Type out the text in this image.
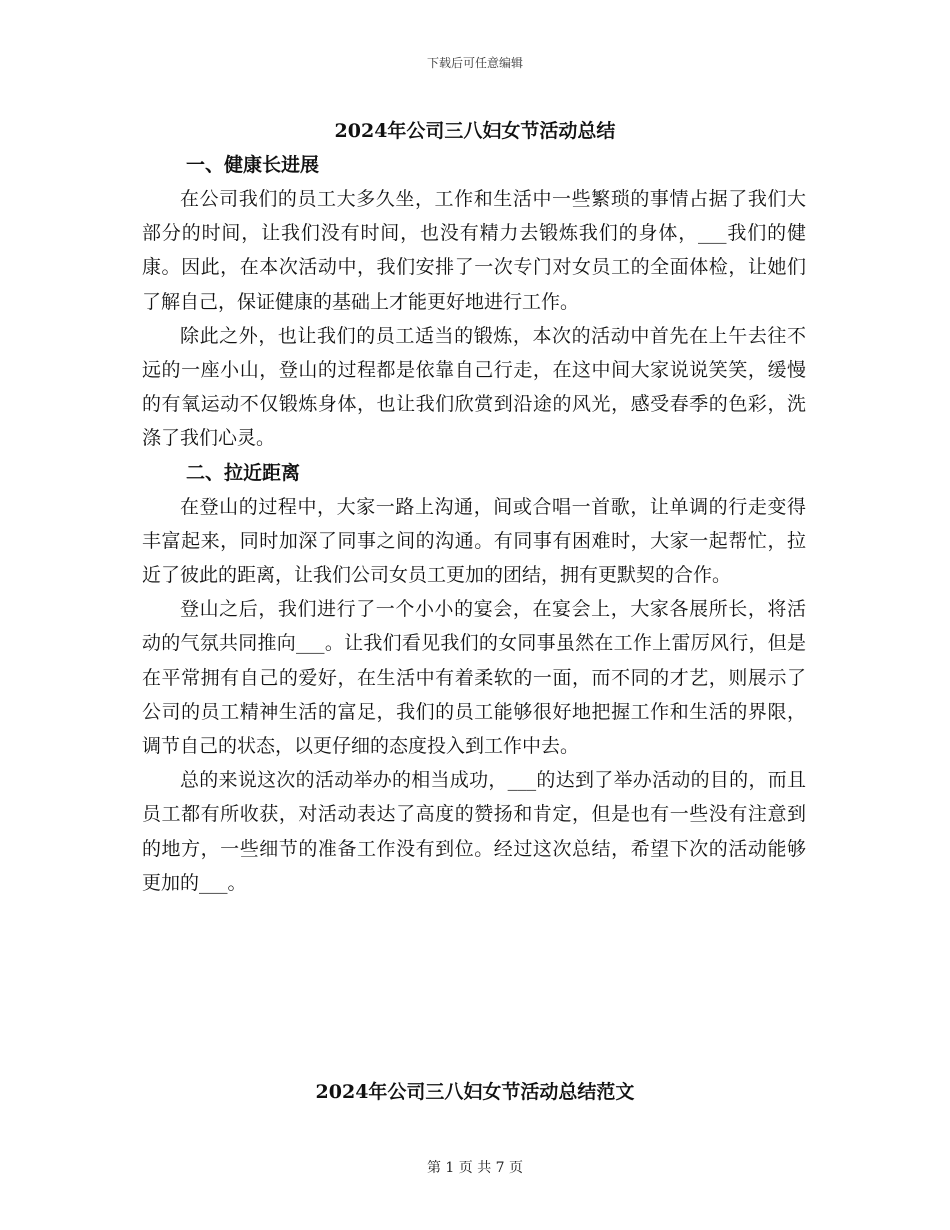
下载后可任意编辑
2024年公司三八妇女节活动总结
一、健康长进展

在公司我们的员工大多久坐，工作和生活中一些繁琐的事情占据了我们大部分的时间，让我们没有时间，也没有精力去锻炼我们的身体，___我们的健康。因此，在本次活动中，我们安排了一次专门对女员工的全面体检，让她们了解自己，保证健康的基础上才能更好地进行工作。

除此之外，也让我们的员工适当的锻炼，本次的活动中首先在上午去往不远的一座小山，登山的过程都是依靠自己行走，在这中间大家说说笑笑，缓慢的有氧运动不仅锻炼身体，也让我们欣赏到沿途的风光，感受春季的色彩，洗涤了我们心灵。

二、拉近距离

在登山的过程中，大家一路上沟通，间或合唱一首歌，让单调的行走变得丰富起来，同时加深了同事之间的沟通。有同事有困难时，大家一起帮忙，拉近了彼此的距离，让我们公司女员工更加的团结，拥有更默契的合作。

登山之后，我们进行了一个小小的宴会，在宴会上，大家各展所长，将活动的气氛共同推向___。让我们看见我们的女同事虽然在工作上雷厉风行，但是在平常拥有自己的爱好，在生活中有着柔软的一面，而不同的才艺，则展示了公司的员工精神生活的富足，我们的员工能够很好地把握工作和生活的界限，调节自己的状态，以更仔细的态度投入到工作中去。

总的来说这次的活动举办的相当成功，___的达到了举办活动的目的，而且员工都有所收获，对活动表达了高度的赞扬和肯定，但是也有一些没有注意到的地方，一些细节的准备工作没有到位。经过这次总结，希望下次的活动能够更加的___。

2024年公司三八妇女节活动总结范文
第 1 页 共 7 页
